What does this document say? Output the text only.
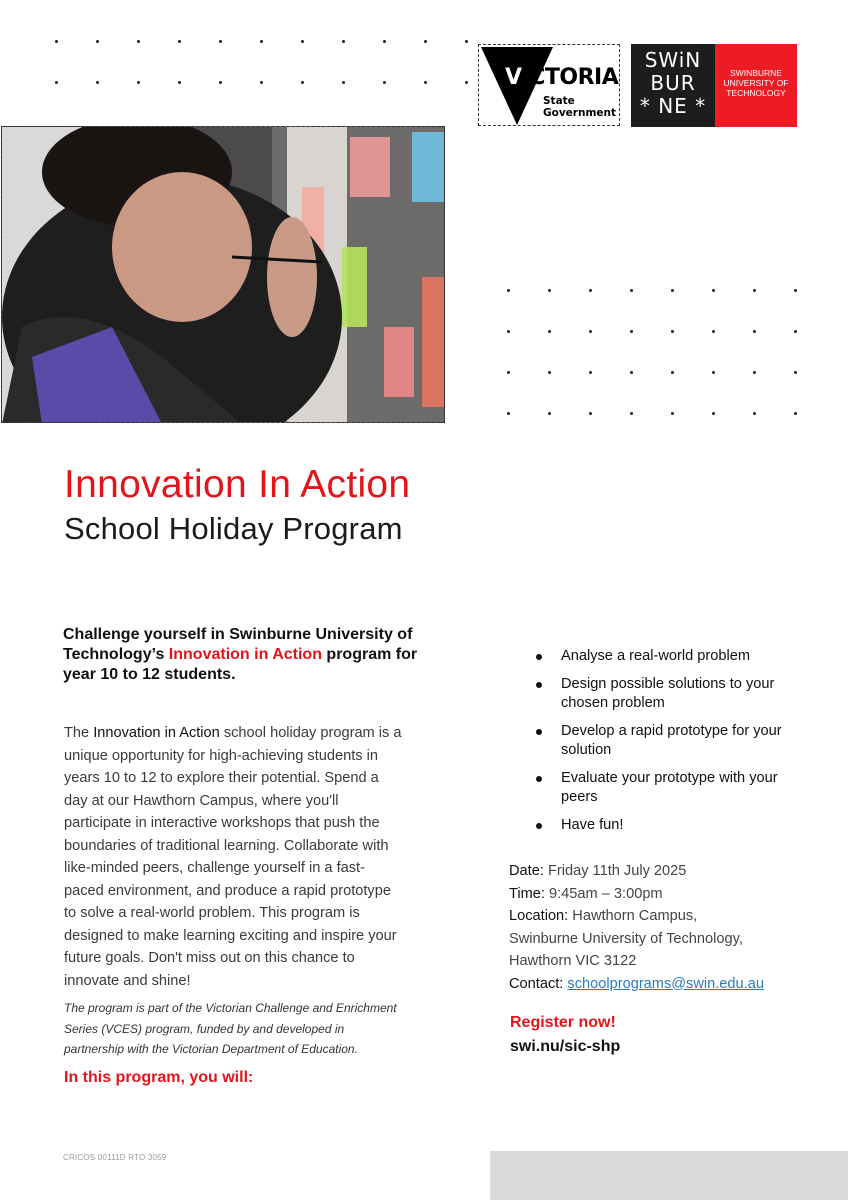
VICTORIA
State
Government
SWiN
BUR
* NE *
SWINBURNE
UNIVERSITY OF
TECHNOLOGY
Innovation In Action
School Holiday Program
Challenge yourself in Swinburne University of Technology’s Innovation in Action program for year 10 to 12 students.
The Innovation in Action school holiday program is a unique opportunity for high-achieving students in years 10 to 12 to explore their potential. Spend a day at our Hawthorn Campus, where you'll participate in interactive workshops that push the boundaries of traditional learning. Collaborate with like-minded peers, challenge yourself in a fast-paced environment, and produce a rapid prototype to solve a real-world problem. This program is designed to make learning exciting and inspire your future goals. Don't miss out on this chance to innovate and shine!
The program is part of the Victorian Challenge and Enrichment Series (VCES) program, funded by and developed in partnership with the Victorian Department of Education.
In this program, you will:
Analyse a real-world problem
Design possible solutions to your chosen problem
Develop a rapid prototype for your solution
Evaluate your prototype with your peers
Have fun!
Date: Friday 11th July 2025
Time: 9:45am – 3:00pm
Location: Hawthorn Campus,
Swinburne University of Technology,
Hawthorn VIC 3122
Contact: schoolprograms@swin.edu.au
Register now!
swi.nu/sic-shp
CRICOS 00111D RTO 3059
